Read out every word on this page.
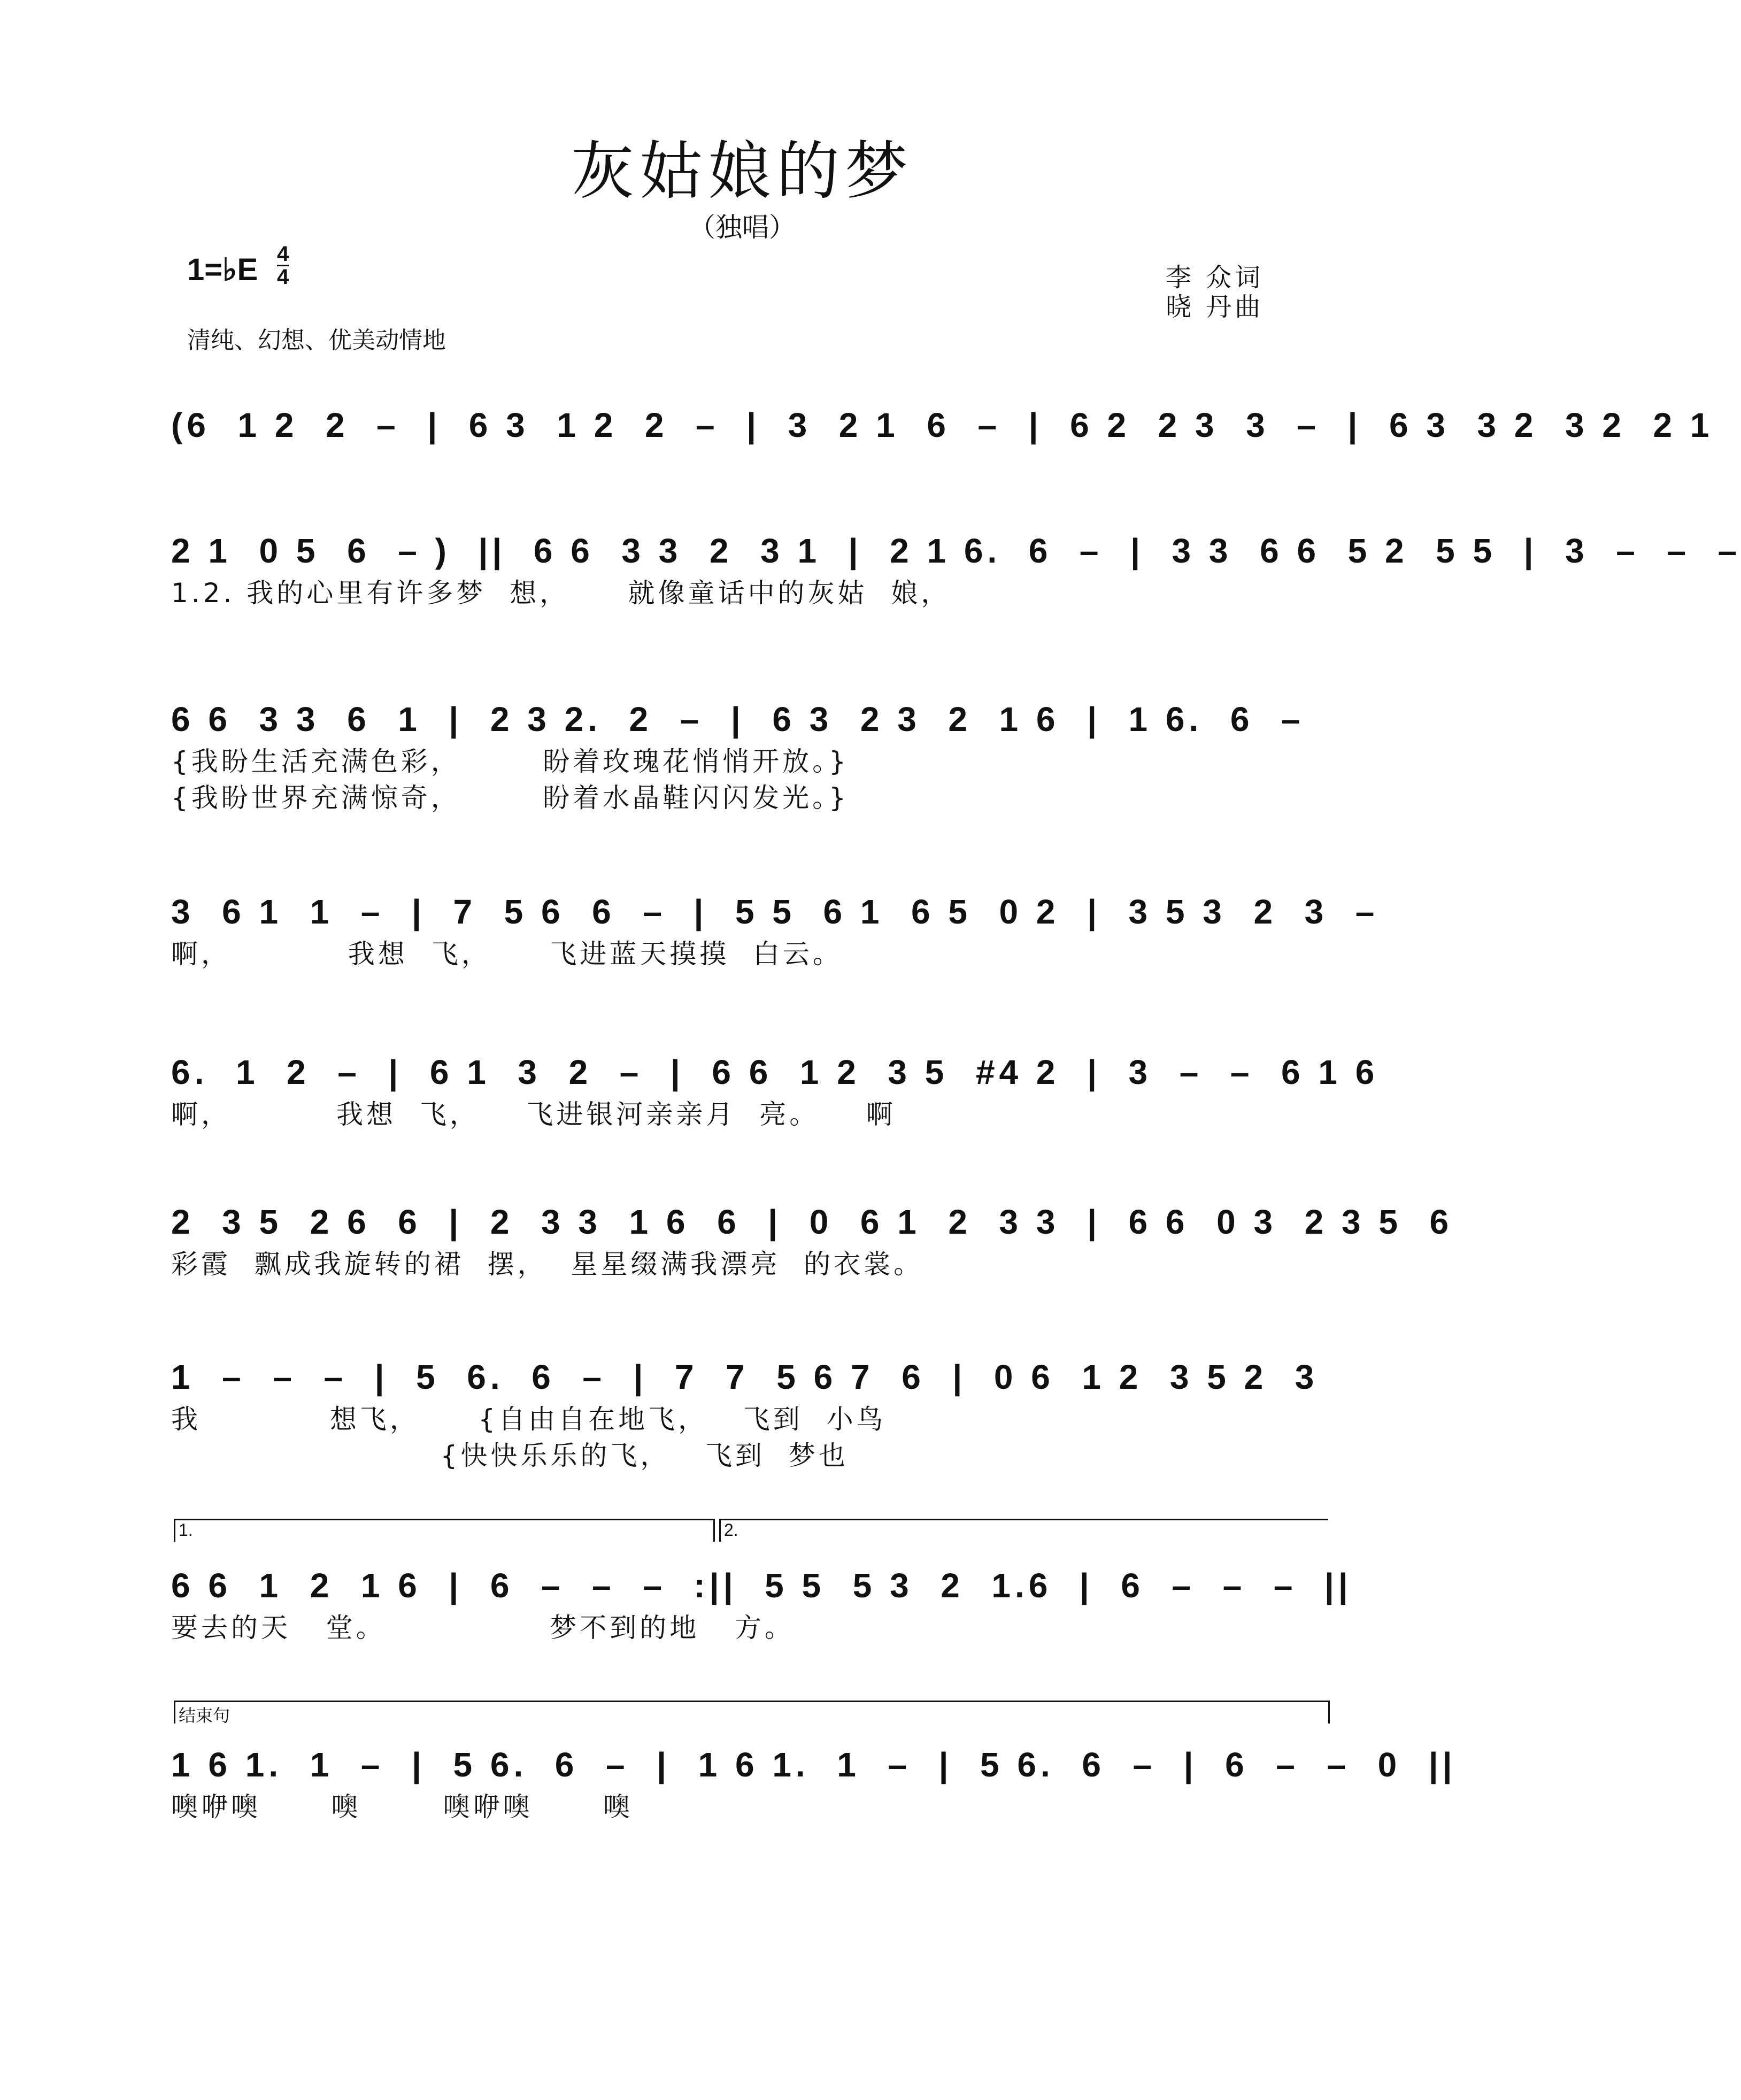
灰姑娘的梦
（独唱）
1=♭E 4
4	李 众词
晓 丹曲
清纯、幻想、优美动情地
(6  1 2  2  –  |  6 3  1 2  2  –  |  3  2 1  6  –  |  6 2  2 3  3  –  |  6 3  3 2  3 2  2 1
2 1  0 5  6  – )  ||  6 6  3 3  2  3 1  |  2 1 6.  6  –  |  3 3  6 6  5 2  5 5  |  3  –  –  –
1.2. 我的心里有许多梦  想，     就像童话中的灰姑  娘，
6 6  3 3  6  1  |  2 3 2.  2  –  |  6 3  2 3  2  1 6  |  1 6.  6  –
{我盼生活充满色彩，       盼着玫瑰花悄悄开放。}
{我盼世界充满惊奇，       盼着水晶鞋闪闪发光。}
3  6 1  1  –  |  7  5 6  6  –  |  5 5  6 1  6 5  0 2  |  3 5 3  2  3  –
啊，          我想  飞，     飞进蓝天摸摸  白云。
6.  1  2  –  |  6 1  3  2  –  |  6 6  1 2  3 5  #4 2  |  3  –  –  6 1 6
啊，         我想  飞，    飞进银河亲亲月  亮。    啊
2  3 5  2 6  6  |  2  3 3  1 6  6  |  0  6 1  2  3 3  |  6 6  0 3  2 3 5  6
彩霞  飘成我旋转的裙  摆，  星星缀满我漂亮  的衣裳。
1  –  –  –  |  5  6.  6  –  |  7  7  5 6 7  6  |  0 6  1 2  3 5 2  3
我           想飞，     {自由自在地飞，   飞到  小鸟
{快快乐乐的飞，   飞到  梦也
1.	2.
6 6  1  2  1 6  |  6  –  –  –  :||  5 5  5 3  2  1.6  |  6  –  –  –  ||
要去的天   堂。              梦不到的地   方。
结束句
1 6 1.  1  –  |  5 6.  6  –  |  1 6 1.  1  –  |  5 6.  6  –  |  6  –  –  0  ||
噢咿噢      噢       噢咿噢      噢
